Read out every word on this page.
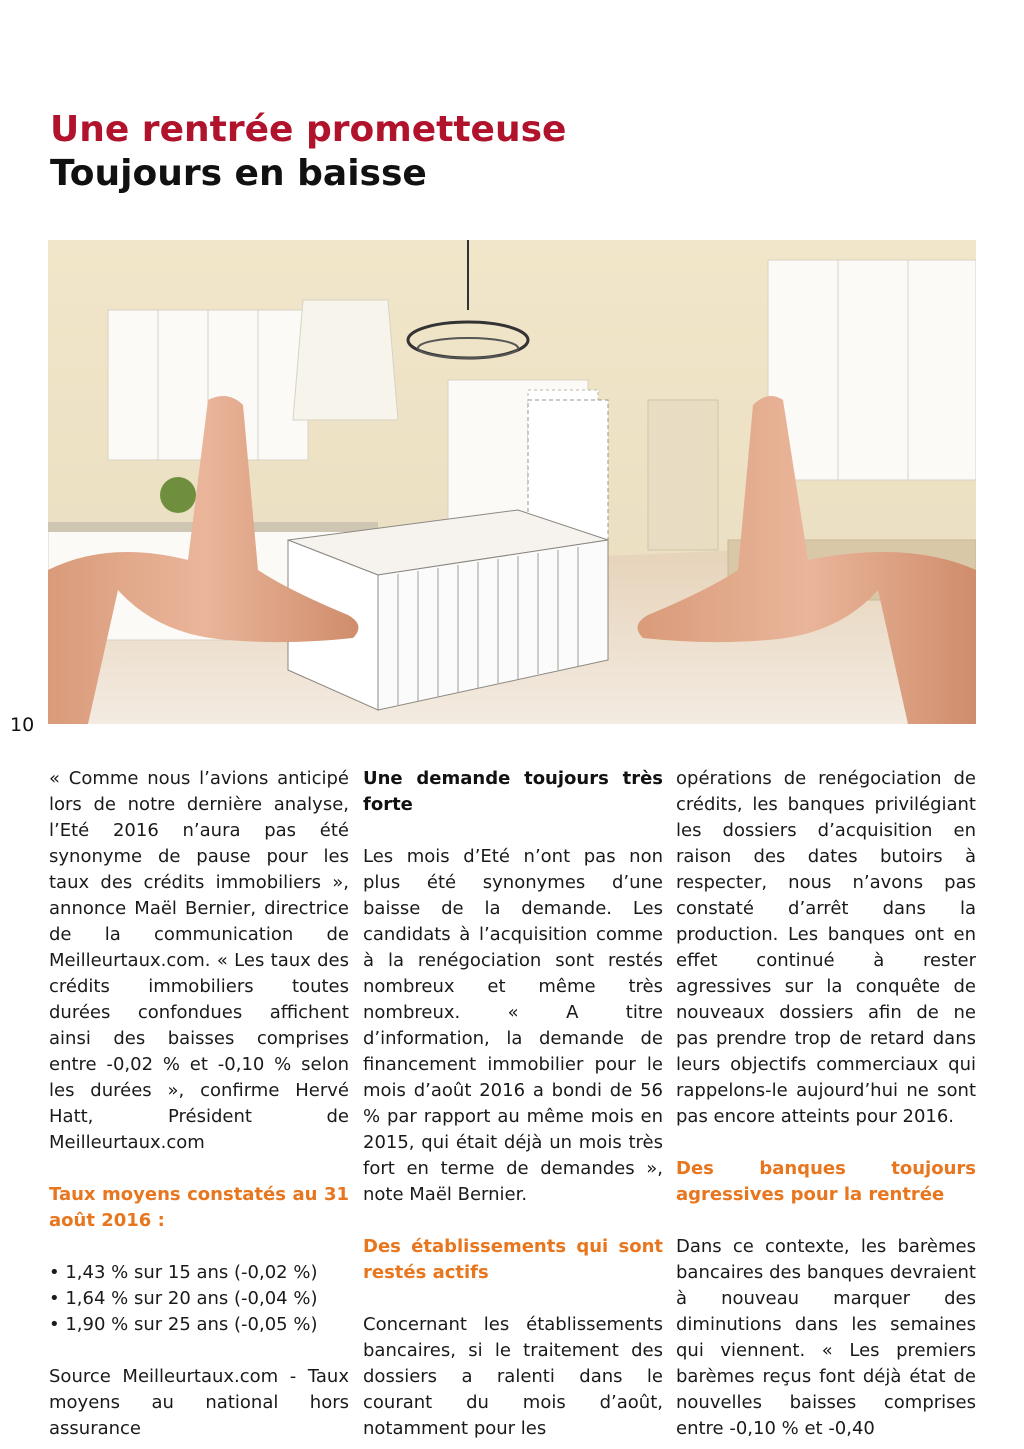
Une rentrée prometteuse
Toujours en baisse
10

« Comme nous l’avions anticipé lors de notre dernière analyse, l’Eté 2016 n’aura pas été synonyme de pause pour les taux des crédits immobiliers », annonce Maël Bernier, directrice de la communication de Meilleurtaux.com. « Les taux des crédits immobiliers toutes durées confondues affichent ainsi des baisses comprises entre -0,02 % et -0,10 % selon les durées », confirme Hervé Hatt, Président de Meilleurtaux.com

Taux moyens constatés au 31 août 2016 :

• 1,43 % sur 15 ans (-0,02 %)
• 1,64 % sur 20 ans (-0,04 %)
• 1,90 % sur 25 ans (-0,05 %)

Source Meilleurtaux.com - Taux moyens au national hors assurance

Une demande toujours très forte

Les mois d’Eté n’ont pas non plus été synonymes d’une baisse de la demande. Les candidats à l’acquisition comme à la renégociation sont restés nombreux et même très nombreux. « A titre d’information, la demande de financement immobilier pour le mois d’août 2016 a bondi de 56 % par rapport au même mois en 2015, qui était déjà un mois très fort en terme de demandes », note Maël Bernier.

Des établissements qui sont restés actifs

Concernant les établissements bancaires, si le traitement des dossiers a ralenti dans le courant du mois d’août, notamment pour les

opérations de renégociation de crédits, les banques privilégiant les dossiers d’acquisition en raison des dates butoirs à respecter, nous n’avons pas constaté d’arrêt dans la production. Les banques ont en effet continué à rester agressives sur la conquête de nouveaux dossiers afin de ne pas prendre trop de retard dans leurs objectifs commerciaux qui rappelons-le aujourd’hui ne sont pas encore atteints pour 2016.

Des banques toujours agressives pour la rentrée

Dans ce contexte, les barèmes bancaires des banques devraient à nouveau marquer des diminutions dans les semaines qui viennent. « Les premiers barèmes reçus font déjà état de nouvelles baisses comprises entre -0,10 % et -0,40
